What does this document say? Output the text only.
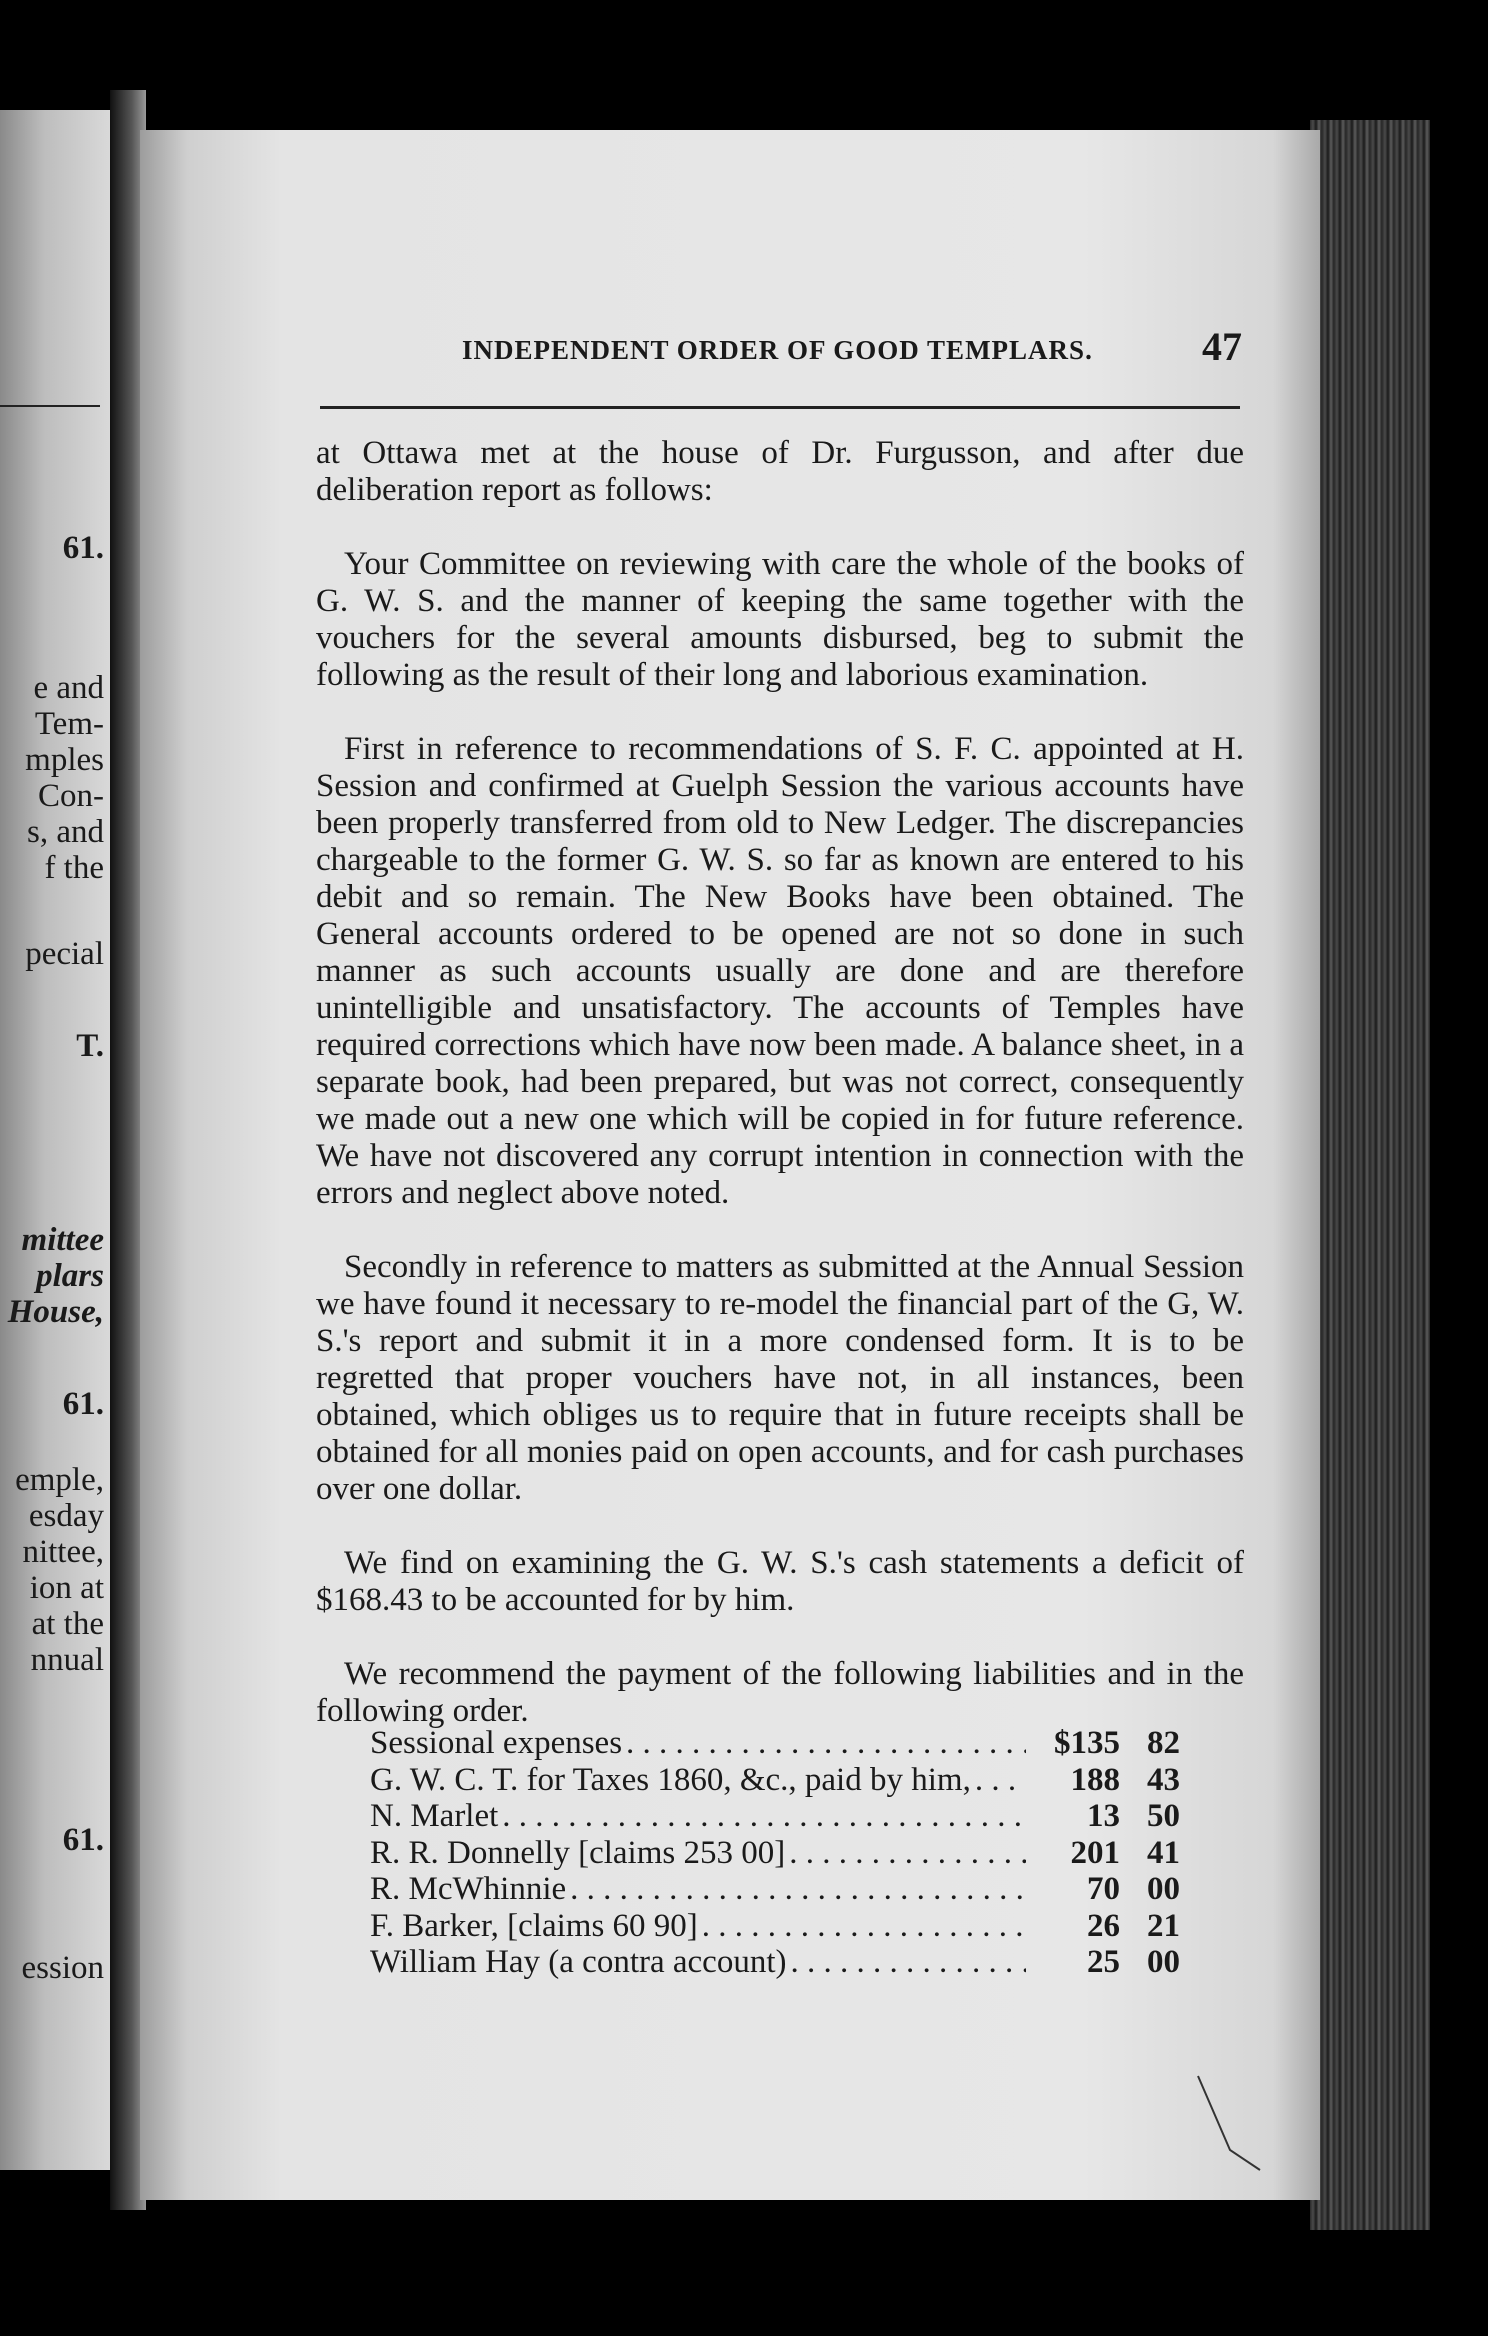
61.
e and
Tem-
mples
Con-
s, and
f the
pecial
T.
mittee
plars
House,
61.
emple,
esday
nittee,
ion at
at the
nnual
61.
ession
INDEPENDENT ORDER OF GOOD TEMPLARS.	47

at Ottawa met at the house of Dr. Furgusson, and after due deliberation report as follows:

Your Committee on reviewing with care the whole of the books of G. W. S. and the manner of keeping the same together with the vouchers for the several amounts disbursed, beg to submit the following as the result of their long and laborious examination.

First in reference to recommendations of S. F. C. appointed at H. Session and confirmed at Guelph Session the various accounts have been properly transferred from old to New Ledger. The discrepancies chargeable to the former G. W. S. so far as known are entered to his debit and so remain. The New Books have been obtained. The General accounts ordered to be opened are not so done in such manner as such accounts usually are done and are therefore unintelligible and unsatisfactory. The accounts of Temples have required corrections which have now been made. A balance sheet, in a separate book, had been prepared, but was not correct, consequently we made out a new one which will be copied in for future reference. We have not discovered any corrupt intention in connection with the errors and neglect above noted.

Secondly in reference to matters as submitted at the Annual Session we have found it necessary to re-model the financial part of the G, W. S.'s report and submit it in a more condensed form. It is to be regretted that proper vouchers have not, in all instances, been obtained, which obliges us to require that in future receipts shall be obtained for all monies paid on open accounts, and for cash purchases over one dollar.

We find on examining the G. W. S.'s cash statements a deficit of $168.43 to be accounted for by him.

We recommend the payment of the following liabilities and in the following order.

Sessional expenses . . .	$135 82
G. W. C. T. for Taxes 1860, &c., paid by him, . . .	188 43
N. Marlet . . .	13 50
R. R. Donnelly [claims 253 00] . . .	201 41
R. McWhinnie . . .	70 00
F. Barker, [claims 60 90] . . .	26 21
William Hay (a contra account) . . .	25 00
